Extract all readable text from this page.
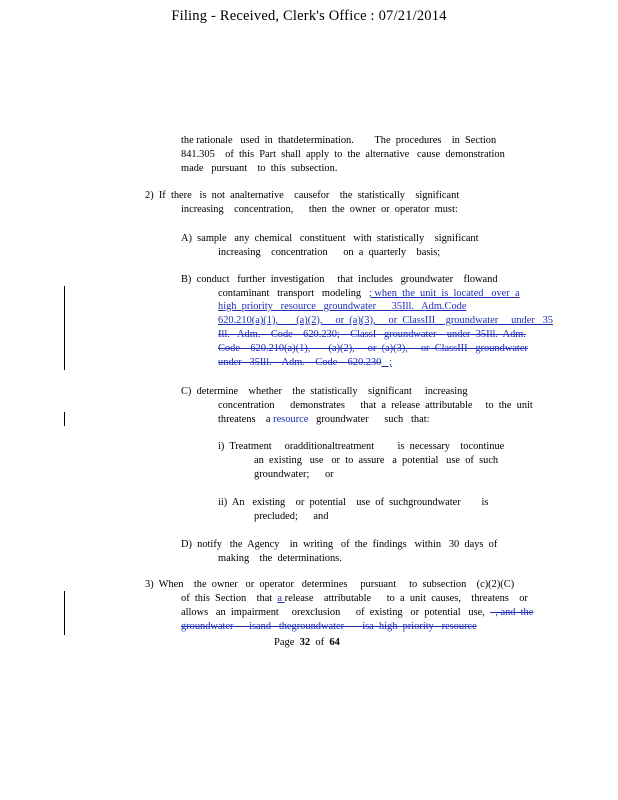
Filing - Received, Clerk's Office : 07/21/2014
the rationale   used  in  thatdetermination.        The  procedures    in  Section
841.305    of  this  Part  shall  apply  to  the  alternative   cause  demonstration
made   pursuant    to  this  subsection.
2)  If  there   is  not  analternative    causefor    the  statistically    significant
increasing    concentration,      then  the  owner  or  operator  must:
A)  sample   any  chemical   constituent   with  statistically    significant
increasing    concentration      on  a  quarterly    basis;
B)  conduct   further  investigation     that  includes   groundwater    flowand
contaminant   transport   modeling   ; when  the  unit  is  located   over  a
high  priority   resource   groundwater      35Ill.   Adm.Code
620.210(a)(1),       (a)(2),     or  (a)(3),     or  ClassIII    groundwater     under   35
Ill.   Adm.    Code    620.230;    ClassI   groundwater    under  35Ill.  Adm.
Code    620.210(a)(1),       (a)(2),     or  (a)(3),     or  ClassIII   groundwater
under   35Ill.    Adm.    Code    620.230   ;
C)  determine    whether    the  statistically    significant     increasing
concentration      demonstrates      that  a  release  attributable     to  the  unit
threatens    a resource   groundwater      such   that:
i)  Treatment     oradditionaltreatment         is  necessary    tocontinue
an  existing   use   or  to  assure   a  potential   use  of  such
groundwater;      or
ii)  An   existing    or  potential    use  of  suchgroundwater        is
precluded;      and
D)  notify   the  Agency    in  writing   of  the  findings   within   30  days  of
making    the  determinations.
3)  When    the  owner   or  operator   determines     pursuant     to  subsection    (c)(2)(C)
of  this  Section    that  a release    attributable      to  a  unit  causes,    threatens    or
allows   an  impairment     orexclusion      of  existing   or  potential   use,    , and  the
groundwater      isand   thegroundwater       isa  high  priority   resource
Page 32 of 64
